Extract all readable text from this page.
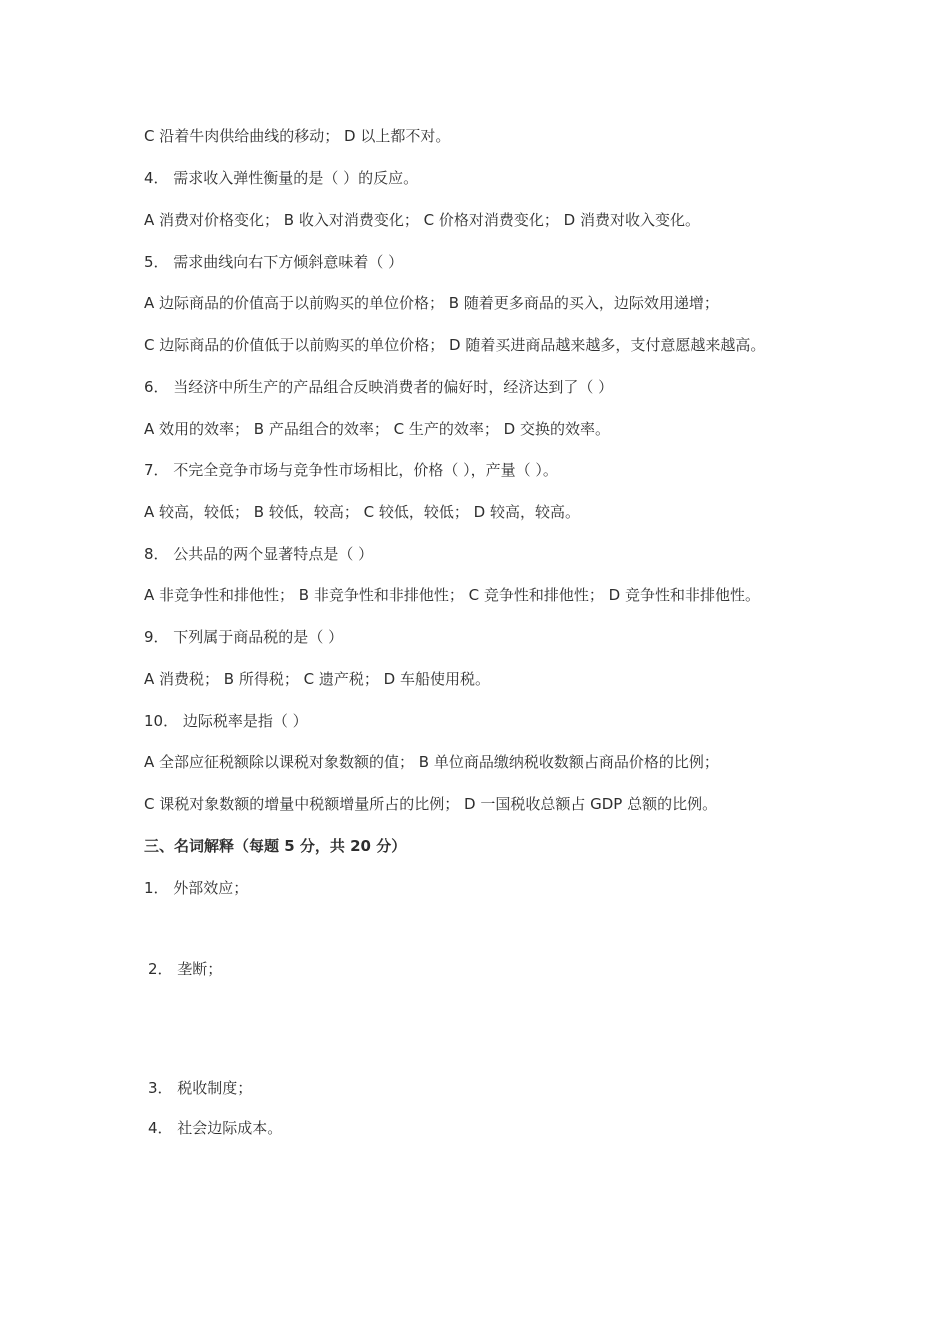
C 沿着牛肉供给曲线的移动； D 以上都不对。
4． 需求收入弹性衡量的是（ ）的反应。
A 消费对价格变化； B 收入对消费变化； C 价格对消费变化； D 消费对收入变化。
5． 需求曲线向右下方倾斜意味着（ ）
A 边际商品的价值高于以前购买的单位价格； B 随着更多商品的买入，边际效用递增；
C 边际商品的价值低于以前购买的单位价格； D 随着买进商品越来越多，支付意愿越来越高。
6． 当经济中所生产的产品组合反映消费者的偏好时，经济达到了（ ）
A 效用的效率； B 产品组合的效率； C 生产的效率； D 交换的效率。
7． 不完全竞争市场与竞争性市场相比，价格（ ），产量（ ）。
A 较高，较低； B 较低，较高； C 较低，较低； D 较高，较高。
8． 公共品的两个显著特点是（ ）
A 非竞争性和排他性； B 非竞争性和非排他性； C 竞争性和排他性； D 竞争性和非排他性。
9． 下列属于商品税的是（ ）
A 消费税； B 所得税； C 遗产税； D 车船使用税。
10． 边际税率是指（ ）
A 全部应征税额除以课税对象数额的值； B 单位商品缴纳税收数额占商品价格的比例；
C 课税对象数额的增量中税额增量所占的比例； D 一国税收总额占 GDP 总额的比例。
三、名词解释（每题 5 分，共 20 分）
1． 外部效应；
2． 垄断；
3． 税收制度；
4． 社会边际成本。
